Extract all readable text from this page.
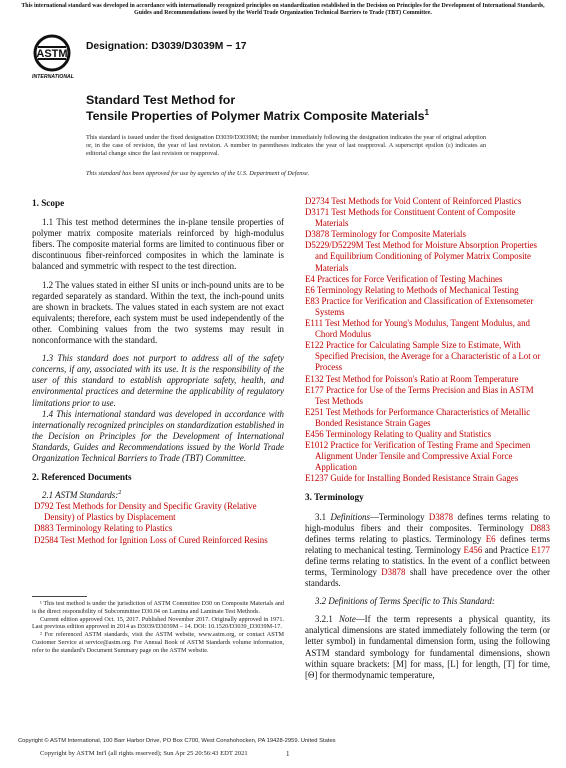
This international standard was developed in accordance with internationally recognized principles on standardization established in the Decision on Principles for the Development of International Standards, Guides and Recommendations issued by the World Trade Organization Technical Barriers to Trade (TBT) Committee.
ASTM
INTERNATIONAL
Designation: D3039/D3039M − 17
Standard Test Method for
Tensile Properties of Polymer Matrix Composite Materials$^1$
This standard is issued under the fixed designation D3039/D3039M; the number immediately following the designation indicates the year of original adoption or, in the case of revision, the year of last revision. A number in parentheses indicates the year of last reapproval. A superscript epsilon (ε) indicates an editorial change since the last revision or reapproval.
This standard has been approved for use by agencies of the U.S. Department of Defense.
1. Scope

1.1 This test method determines the in-plane tensile properties of polymer matrix composite materials reinforced by high-modulus fibers. The composite material forms are limited to continuous fiber or discontinuous fiber-reinforced composites in which the laminate is balanced and symmetric with respect to the test direction.

1.2 The values stated in either SI units or inch-pound units are to be regarded separately as standard. Within the text, the inch-pound units are shown in brackets. The values stated in each system are not exact equivalents; therefore, each system must be used independently of the other. Combining values from the two systems may result in nonconformance with the standard.

1.3 This standard does not purport to address all of the safety concerns, if any, associated with its use. It is the responsibility of the user of this standard to establish appropriate safety, health, and environmental practices and determine the applicability of regulatory limitations prior to use.

1.4 This international standard was developed in accordance with internationally recognized principles on standardization established in the Decision on Principles for the Development of International Standards, Guides and Recommendations issued by the World Trade Organization Technical Barriers to Trade (TBT) Committee.

2. Referenced Documents

2.1 ASTM Standards:$^2$

D792 Test Methods for Density and Specific Gravity (Relative Density) of Plastics by Displacement
D883 Terminology Relating to Plastics
D2584 Test Method for Ignition Loss of Cured Reinforced Resins

¹ This test method is under the jurisdiction of ASTM Committee D30 on Composite Materials and is the direct responsibility of Subcommittee D30.04 on Lamina and Laminate Test Methods.

Current edition approved Oct. 15, 2017. Published November 2017. Originally approved in 1971. Last previous edition approved in 2014 as D3039/D3039M – 14. DOI: 10.1520/D3039_D3039M-17.

² For referenced ASTM standards, visit the ASTM website, www.astm.org, or contact ASTM Customer Service at service@astm.org. For Annual Book of ASTM Standards volume information, refer to the standard's Document Summary page on the ASTM website.

D2734 Test Methods for Void Content of Reinforced Plastics
D3171 Test Methods for Constituent Content of Composite Materials
D3878 Terminology for Composite Materials
D5229/D5229M Test Method for Moisture Absorption Properties and Equilibrium Conditioning of Polymer Matrix Composite Materials
E4 Practices for Force Verification of Testing Machines
E6 Terminology Relating to Methods of Mechanical Testing
E83 Practice for Verification and Classification of Extensometer Systems
E111 Test Method for Young's Modulus, Tangent Modulus, and Chord Modulus
E122 Practice for Calculating Sample Size to Estimate, With Specified Precision, the Average for a Characteristic of a Lot or Process
E132 Test Method for Poisson's Ratio at Room Temperature
E177 Practice for Use of the Terms Precision and Bias in ASTM Test Methods
E251 Test Methods for Performance Characteristics of Metallic Bonded Resistance Strain Gages
E456 Terminology Relating to Quality and Statistics
E1012 Practice for Verification of Testing Frame and Specimen Alignment Under Tensile and Compressive Axial Force Application
E1237 Guide for Installing Bonded Resistance Strain Gages
3. Terminology

3.1 Definitions—Terminology D3878 defines terms relating to high-modulus fibers and their composites. Terminology D883 defines terms relating to plastics. Terminology E6 defines terms relating to mechanical testing. Terminology E456 and Practice E177 define terms relating to statistics. In the event of a conflict between terms, Terminology D3878 shall have precedence over the other standards.

3.2 Definitions of Terms Specific to This Standard:

3.2.1 Note—If the term represents a physical quantity, its analytical dimensions are stated immediately following the term (or letter symbol) in fundamental dimension form, using the following ASTM standard symbology for fundamental dimensions, shown within square brackets: [M] for mass, [L] for length, [T] for time, [Θ] for thermodynamic temperature,

Copyright © ASTM International, 100 Barr Harbor Drive, PO Box C700, West Conshohocken, PA 19428-2959. United States
Copyright by ASTM Int'l (all rights reserved); Sun Apr 25 20:56:43 EDT 2021	1
